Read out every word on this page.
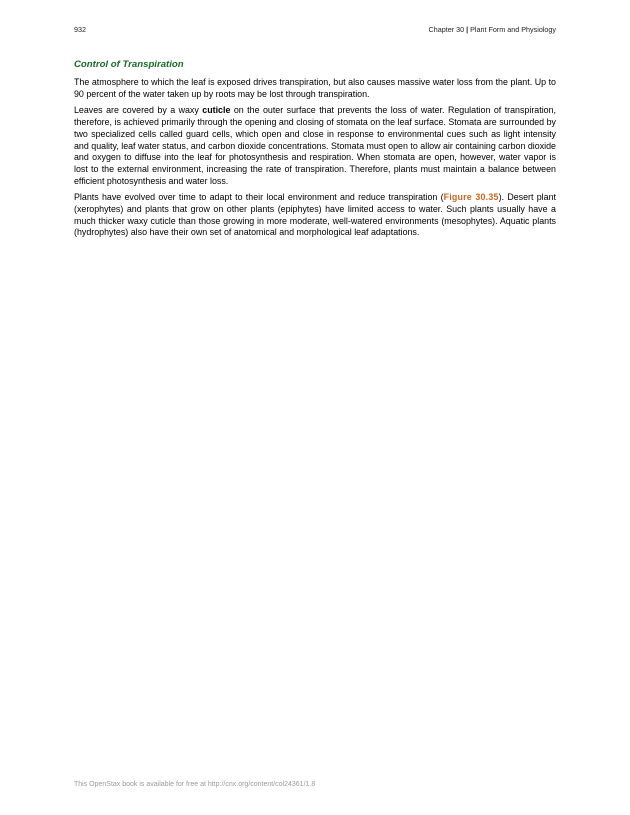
932	Chapter 30 | Plant Form and Physiology
Control of Transpiration

The atmosphere to which the leaf is exposed drives transpiration, but also causes massive water loss from the plant. Up to 90 percent of the water taken up by roots may be lost through transpiration.

Leaves are covered by a waxy cuticle on the outer surface that prevents the loss of water. Regulation of transpiration, therefore, is achieved primarily through the opening and closing of stomata on the leaf surface. Stomata are surrounded by two specialized cells called guard cells, which open and close in response to environmental cues such as light intensity and quality, leaf water status, and carbon dioxide concentrations. Stomata must open to allow air containing carbon dioxide and oxygen to diffuse into the leaf for photosynthesis and respiration. When stomata are open, however, water vapor is lost to the external environment, increasing the rate of transpiration. Therefore, plants must maintain a balance between efficient photosynthesis and water loss.

Plants have evolved over time to adapt to their local environment and reduce transpiration (Figure 30.35). Desert plant (xerophytes) and plants that grow on other plants (epiphytes) have limited access to water. Such plants usually have a much thicker waxy cuticle than those growing in more moderate, well-watered environments (mesophytes). Aquatic plants (hydrophytes) also have their own set of anatomical and morphological leaf adaptations.

This OpenStax book is available for free at http://cnx.org/content/col24361/1.8
